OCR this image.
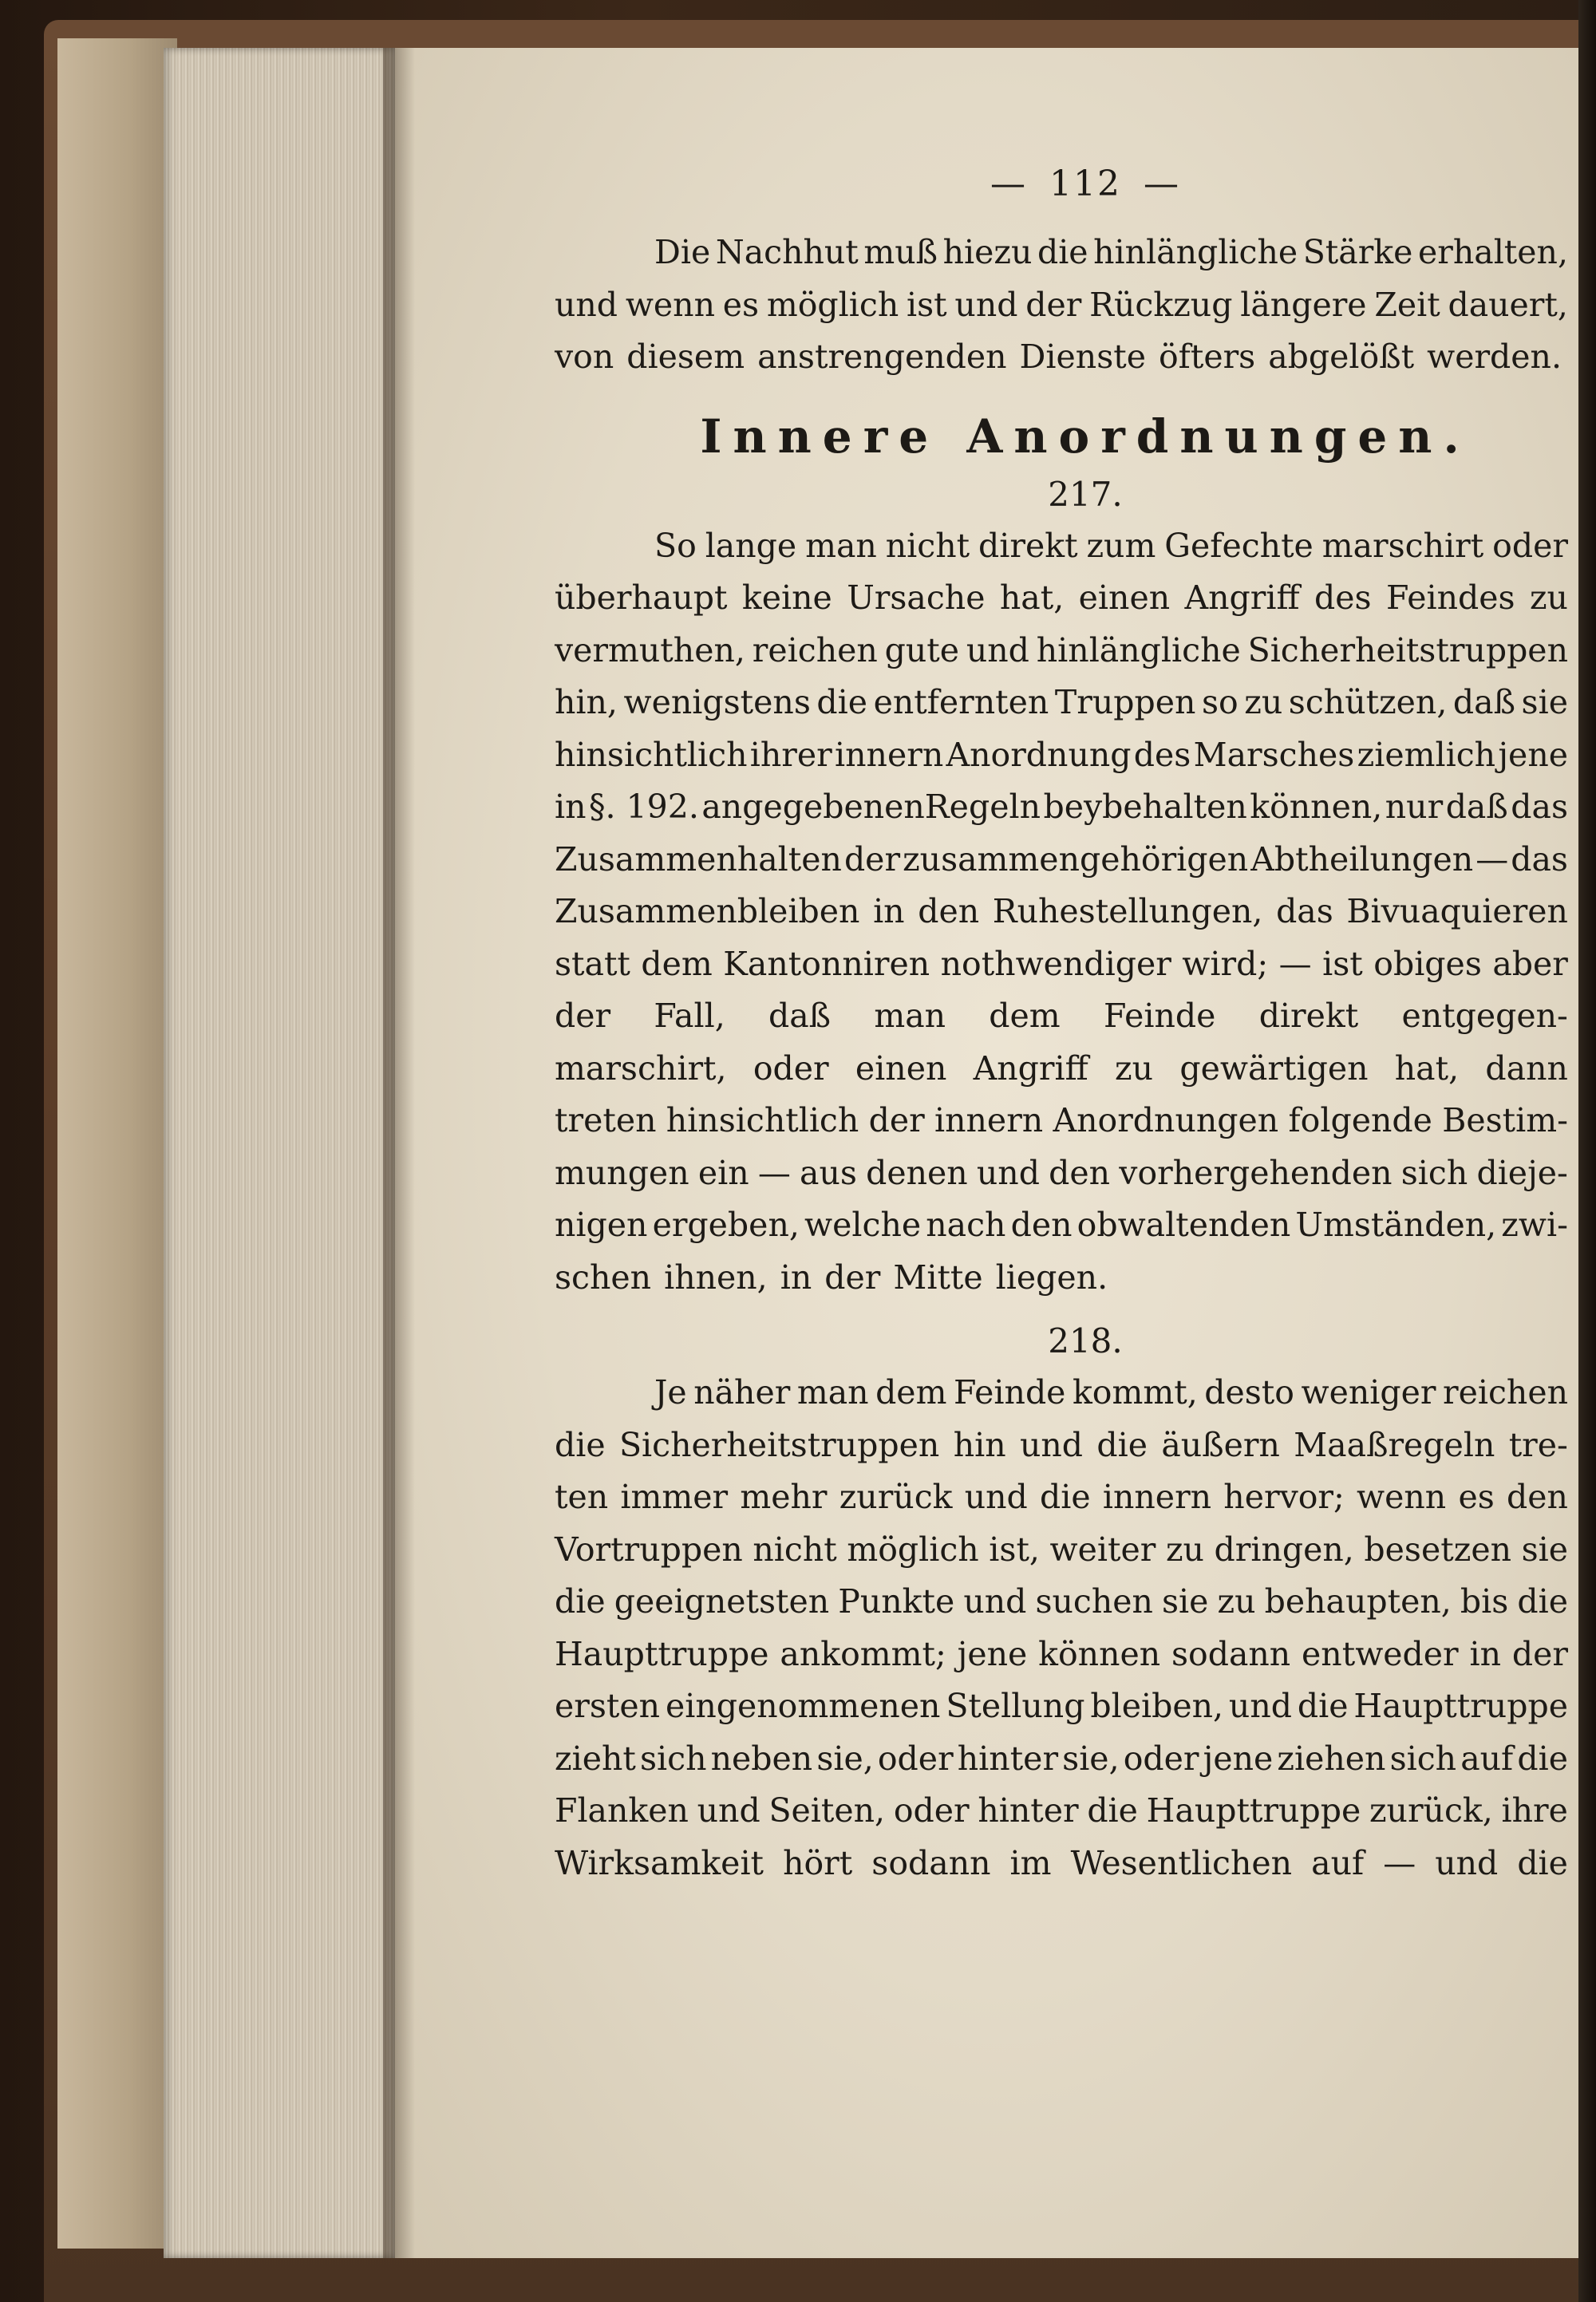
— 112 —
Die Nachhut muß hiezu die hinlängliche Stärke erhalten,
und wenn es möglich ist und der Rückzug längere Zeit dauert,
von diesem anstrengenden Dienste öfters abgelößt werden.
Innere Anordnungen.
217.
So lange man nicht direkt zum Gefechte marschirt oder
überhaupt keine Ursache hat, einen Angriff des Feindes zu
vermuthen, reichen gute und hinlängliche Sicherheitstruppen
hin, wenigstens die entfernten Truppen so zu schützen, daß sie
hinsichtlich ihrer innern Anordnung des Marsches ziemlich jene
in §. 192. angegebenenRegeln beybehalten können, nur daß das
Zusammenhalten der zusammengehörigen Abtheilungen — das
Zusammenbleiben in den Ruhestellungen, das Bivuaquieren
statt dem Kantonniren nothwendiger wird; — ist obiges aber
der Fall, daß man dem Feinde direkt entgegen-
marschirt, oder einen Angriff zu gewärtigen hat, dann
treten hinsichtlich der innern Anordnungen folgende Bestim-
mungen ein — aus denen und den vorhergehenden sich dieje-
nigen ergeben, welche nach den obwaltenden Umständen, zwi-
schen ihnen, in der Mitte liegen.
218.
Je näher man dem Feinde kommt, desto weniger reichen
die Sicherheitstruppen hin und die äußern Maaßregeln tre-
ten immer mehr zurück und die innern hervor; wenn es den
Vortruppen nicht möglich ist, weiter zu dringen, besetzen sie
die geeignetsten Punkte und suchen sie zu behaupten, bis die
Haupttruppe ankommt; jene können sodann entweder in der
ersten eingenommenen Stellung bleiben, und die Haupttruppe
zieht sich neben sie, oder hinter sie, oder jene ziehen sich auf die
Flanken und Seiten, oder hinter die Haupttruppe zurück, ihre
Wirksamkeit hört sodann im Wesentlichen auf — und die
